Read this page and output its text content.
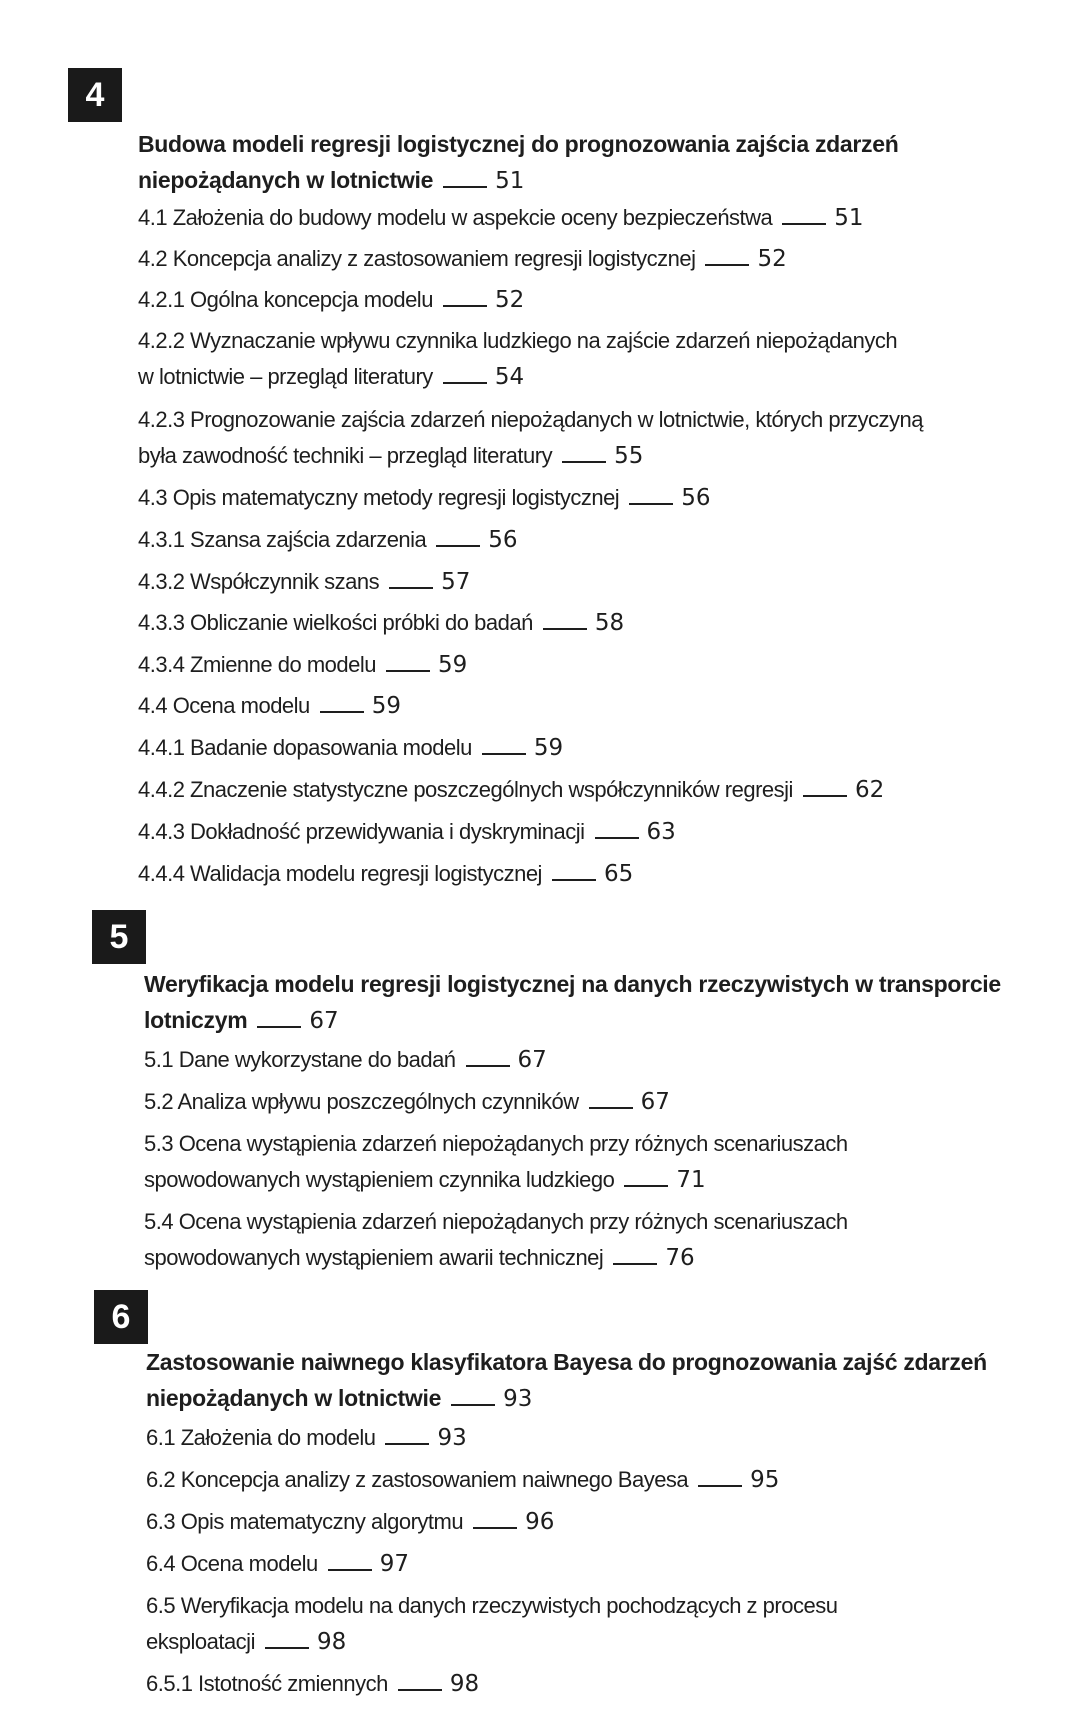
4
Budowa modeli regresji logistycznej do prognozowania zajścia zdarzeń
niepożądanych w lotnictwie	51
4.1 Założenia do budowy modelu w aspekcie oceny bezpieczeństwa	51
4.2 Koncepcja analizy z zastosowaniem regresji logistycznej	52
4.2.1 Ogólna koncepcja modelu	52
4.2.2 Wyznaczanie wpływu czynnika ludzkiego na zajście zdarzeń niepożądanych
w lotnictwie – przegląd literatury	54
4.2.3 Prognozowanie zajścia zdarzeń niepożądanych w lotnictwie, których przyczyną
była zawodność techniki – przegląd literatury	55
4.3 Opis matematyczny metody regresji logistycznej	56
4.3.1 Szansa zajścia zdarzenia	56
4.3.2 Współczynnik szans	57
4.3.3 Obliczanie wielkości próbki do badań	58
4.3.4 Zmienne do modelu	59
4.4 Ocena modelu	59
4.4.1 Badanie dopasowania modelu	59
4.4.2 Znaczenie statystyczne poszczególnych współczynników regresji	62
4.4.3 Dokładność przewidywania i dyskryminacji	63
4.4.4 Walidacja modelu regresji logistycznej	65
5
Weryfikacja modelu regresji logistycznej na danych rzeczywistych w transporcie
lotniczym	67
5.1 Dane wykorzystane do badań	67
5.2 Analiza wpływu poszczególnych czynników	67
5.3 Ocena wystąpienia zdarzeń niepożądanych przy różnych scenariuszach
spowodowanych wystąpieniem czynnika ludzkiego	71
5.4 Ocena wystąpienia zdarzeń niepożądanych przy różnych scenariuszach
spowodowanych wystąpieniem awarii technicznej	76
6
Zastosowanie naiwnego klasyfikatora Bayesa do prognozowania zajść zdarzeń
niepożądanych w lotnictwie	93
6.1 Założenia do modelu	93
6.2 Koncepcja analizy z zastosowaniem naiwnego Bayesa	95
6.3 Opis matematyczny algorytmu	96
6.4 Ocena modelu	97
6.5 Weryfikacja modelu na danych rzeczywistych pochodzących z procesu
eksploatacji	98
6.5.1 Istotność zmiennych	98
